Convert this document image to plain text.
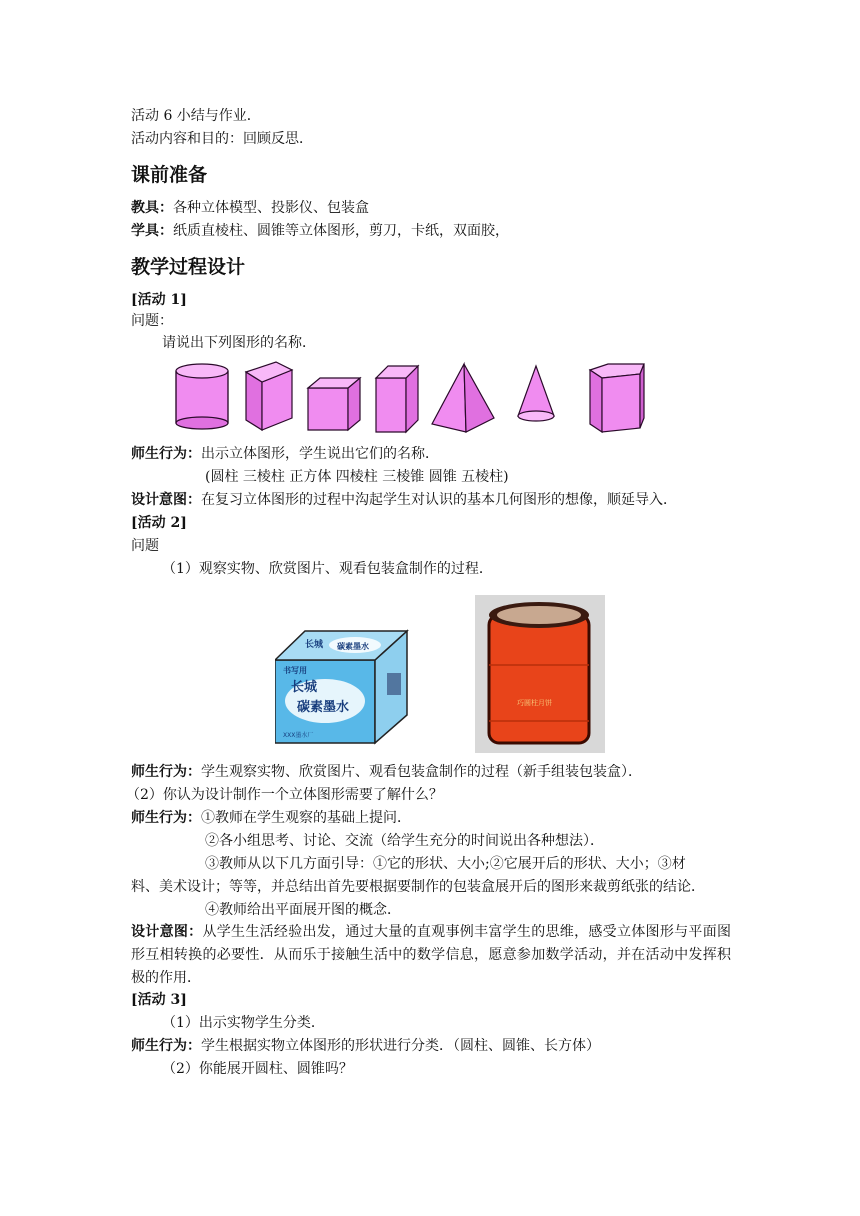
活动 6 小结与作业．
活动内容和目的：回顾反思．
课前准备
教具：各种立体模型、投影仪、包装盒
学具：纸质直棱柱、圆锥等立体图形，剪刀，卡纸，双面胶，
教学过程设计
[活动 1]
问题：
请说出下列图形的名称．
师生行为：出示立体图形，学生说出它们的名称．
(圆柱 三棱柱 正方体 四棱柱 三棱锥 圆锥 五棱柱)
设计意图：在复习立体图形的过程中沟起学生对认识的基本几何图形的想像，顺延导入．
[活动 2]
问题
（1）观察实物、欣赏图片、观看包装盒制作的过程．
长城 碳素墨水
书写用
长城
碳素墨水
XXX墨水厂
巧圆柱月饼
师生行为：学生观察实物、欣赏图片、观看包装盒制作的过程（新手组装包装盒）．
（2）你认为设计制作一个立体图形需要了解什么？
师生行为：①教师在学生观察的基础上提问．
②各小组思考、讨论、交流（给学生充分的时间说出各种想法）．
③教师从以下几方面引导：①它的形状、大小;②它展开后的形状、大小；③材
料、美术设计；等等，并总结出首先要根据要制作的包装盒展开后的图形来裁剪纸张的结论．
④教师给出平面展开图的概念．
设计意图：从学生生活经验出发，通过大量的直观事例丰富学生的思维，感受立体图形与平面图形互相转换的必要性．从而乐于接触生活中的数学信息，愿意参加数学活动，并在活动中发挥积极的作用．
[活动 3]
（1）出示实物学生分类．
师生行为：学生根据实物立体图形的形状进行分类．（圆柱、圆锥、长方体）
（2）你能展开圆柱、圆锥吗？
